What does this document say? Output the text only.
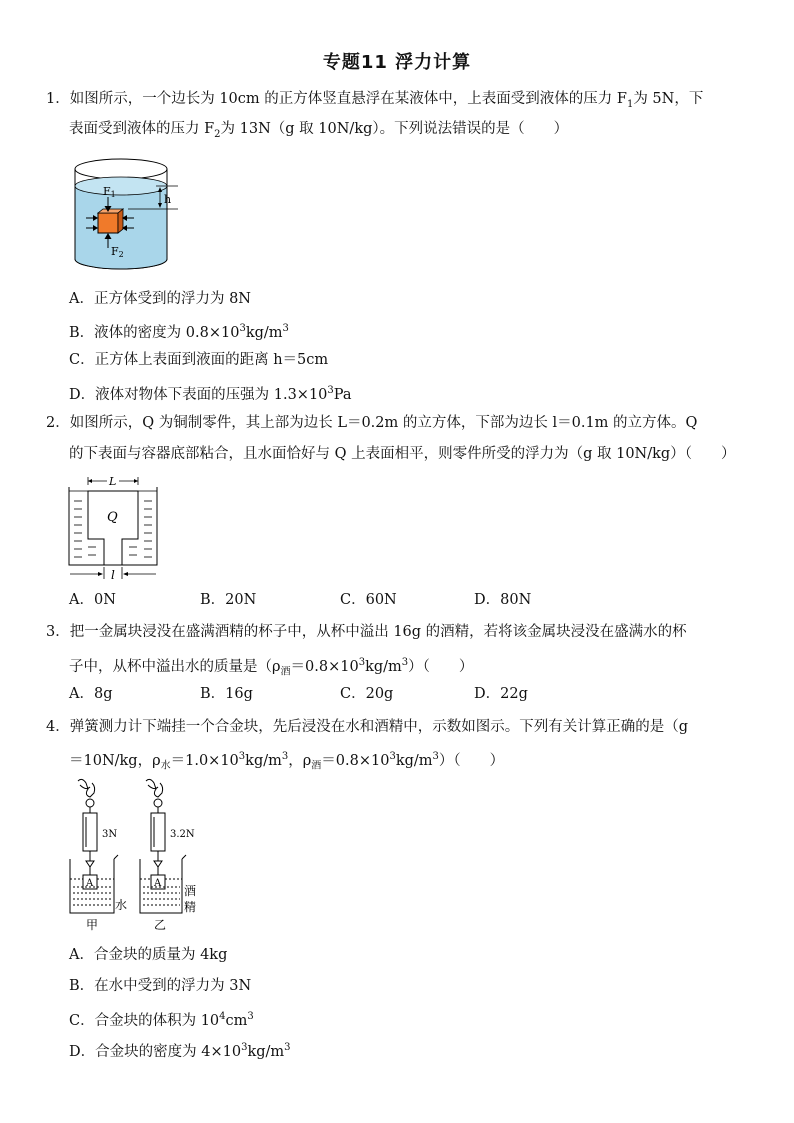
专题11 浮力计算
1．如图所示，一个边长为 10cm 的正方体竖直悬浮在某液体中，上表面受到液体的压力 $F_1$为 5N，下
表面受到液体的压力 $F_2$为 13N（g 取 10N/kg）。下列说法错误的是（　　）
h
F1
F2
A．正方体受到的浮力为 8N
B．液体的密度为 $0.8\times 10^3kg/m^3$
C．正方体上表面到液面的距离 h＝5cm
D．液体对物体下表面的压强为 $1.3\times 10^3Pa$
2．如图所示，Q 为铜制零件，其上部为边长 L＝0.2m 的立方体，下部为边长 l＝0.1m 的立方体。Q
的下表面与容器底部粘合，且水面恰好与 Q 上表面相平，则零件所受的浮力为（g 取 10N/kg）（　　）
L
Q
l
A．0N	B．20N	C．60N	D．80N
3．把一金属块浸没在盛满酒精的杯子中，从杯中溢出 16g 的酒精，若将该金属块浸没在盛满水的杯
子中，从杯中溢出水的质量是$(\rho_酒=0.8\times 10^3kg/m^3)$（　　）
A．8g	B．16g	C．20g	D．22g
4．弹簧测力计下端挂一个合金块，先后浸没在水和酒精中，示数如图示。下列有关计算正确的是（g
＝10N/kg，$\rho_水=1.0\times 10^3kg/m^3$，$\rho_酒=0.8\times 10^3kg/m^3$）（　　）
3N	3.2N
A	A
水
酒
精
甲	乙
A．合金块的质量为 4kg
B．在水中受到的浮力为 3N
C．合金块的体积为 $10^4cm^3$
D．合金块的密度为 $4\times 10^3kg/m^3$
